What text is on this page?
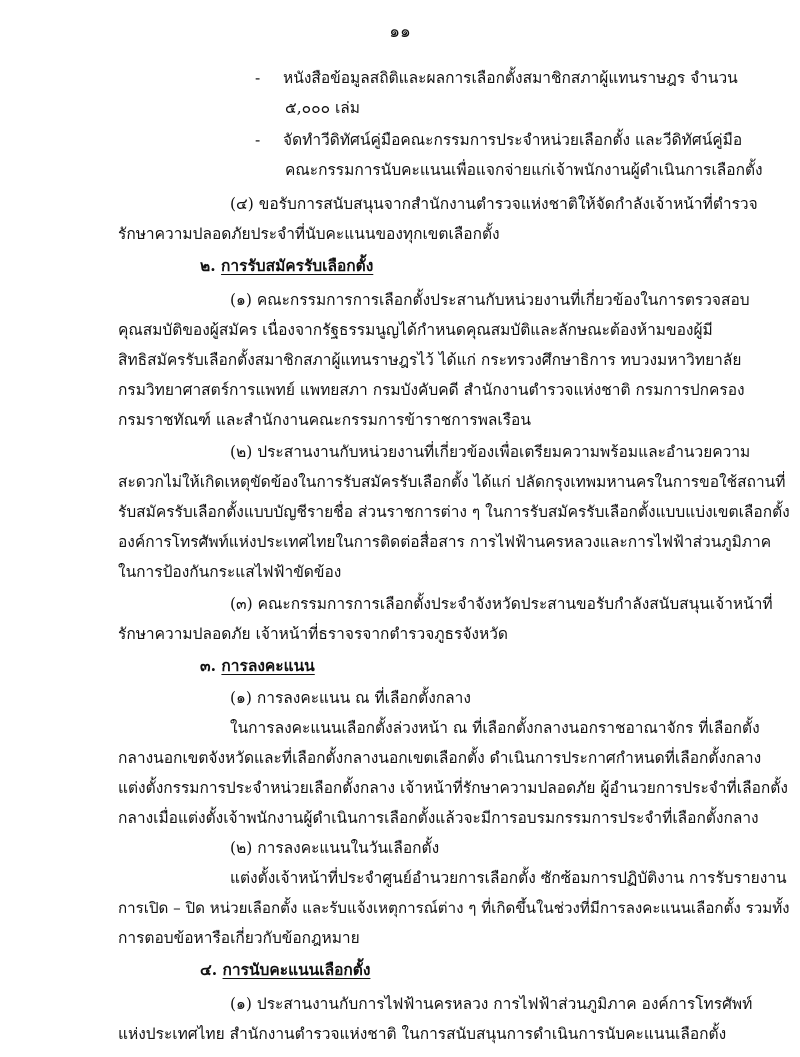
๑๑
- หนังสือข้อมูลสถิติและผลการเลือกตั้งสมาชิกสภาผู้แทนราษฎร จำนวน
๕,๐๐๐ เล่ม
- จัดทำวีดิทัศน์คู่มือคณะกรรมการประจำหน่วยเลือกตั้ง และวีดิทัศน์คู่มือ
คณะกรรมการนับคะแนนเพื่อแจกจ่ายแก่เจ้าพนักงานผู้ดำเนินการเลือกตั้ง
(๔) ขอรับการสนับสนุนจากสำนักงานตำรวจแห่งชาติให้จัดกำลังเจ้าหน้าที่ตำรวจ
รักษาความปลอดภัยประจำที่นับคะแนนของทุกเขตเลือกตั้ง
๒. การรับสมัครรับเลือกตั้ง
(๑) คณะกรรมการการเลือกตั้งประสานกับหน่วยงานที่เกี่ยวข้องในการตรวจสอบ
คุณสมบัติของผู้สมัคร เนื่องจากรัฐธรรมนูญได้กำหนดคุณสมบัติและลักษณะต้องห้ามของผู้มี
สิทธิสมัครรับเลือกตั้งสมาชิกสภาผู้แทนราษฎรไว้ ได้แก่ กระทรวงศึกษาธิการ ทบวงมหาวิทยาลัย
กรมวิทยาศาสตร์การแพทย์ แพทยสภา กรมบังคับคดี สำนักงานตำรวจแห่งชาติ กรมการปกครอง
กรมราชทัณฑ์ และสำนักงานคณะกรรมการข้าราชการพลเรือน
(๒) ประสานงานกับหน่วยงานที่เกี่ยวข้องเพื่อเตรียมความพร้อมและอำนวยความ
สะดวกไม่ให้เกิดเหตุขัดข้องในการรับสมัครรับเลือกตั้ง ได้แก่ ปลัดกรุงเทพมหานครในการขอใช้สถานที่
รับสมัครรับเลือกตั้งแบบบัญชีรายชื่อ ส่วนราชการต่าง ๆ ในการรับสมัครรับเลือกตั้งแบบแบ่งเขตเลือกตั้ง
องค์การโทรศัพท์แห่งประเทศไทยในการติดต่อสื่อสาร การไฟฟ้านครหลวงและการไฟฟ้าส่วนภูมิภาค
ในการป้องกันกระแสไฟฟ้าขัดข้อง
(๓) คณะกรรมการการเลือกตั้งประจำจังหวัดประสานขอรับกำลังสนับสนุนเจ้าหน้าที่
รักษาความปลอดภัย เจ้าหน้าที่ธราจรจากตำรวจภูธรจังหวัด
๓. การลงคะแนน
(๑) การลงคะแนน ณ ที่เลือกตั้งกลาง
ในการลงคะแนนเลือกตั้งล่วงหน้า ณ ที่เลือกตั้งกลางนอกราชอาณาจักร ที่เลือกตั้ง
กลางนอกเขตจังหวัดและที่เลือกตั้งกลางนอกเขตเลือกตั้ง ดำเนินการประกาศกำหนดที่เลือกตั้งกลาง
แต่งตั้งกรรมการประจำหน่วยเลือกตั้งกลาง เจ้าหน้าที่รักษาความปลอดภัย ผู้อำนวยการประจำที่เลือกตั้ง
กลางเมื่อแต่งตั้งเจ้าพนักงานผู้ดำเนินการเลือกตั้งแล้วจะมีการอบรมกรรมการประจำที่เลือกตั้งกลาง
(๒) การลงคะแนนในวันเลือกตั้ง
แต่งตั้งเจ้าหน้าที่ประจำศูนย์อำนวยการเลือกตั้ง ซักซ้อมการปฏิบัติงาน การรับรายงาน
การเปิด – ปิด หน่วยเลือกตั้ง และรับแจ้งเหตุการณ์ต่าง ๆ ที่เกิดขึ้นในช่วงที่มีการลงคะแนนเลือกตั้ง รวมทั้ง
การตอบข้อหารือเกี่ยวกับข้อกฎหมาย
๔. การนับคะแนนเลือกตั้ง
(๑) ประสานงานกับการไฟฟ้านครหลวง การไฟฟ้าส่วนภูมิภาค องค์การโทรศัพท์
แห่งประเทศไทย สำนักงานตำรวจแห่งชาติ ในการสนับสนุนการดำเนินการนับคะแนนเลือกตั้ง
